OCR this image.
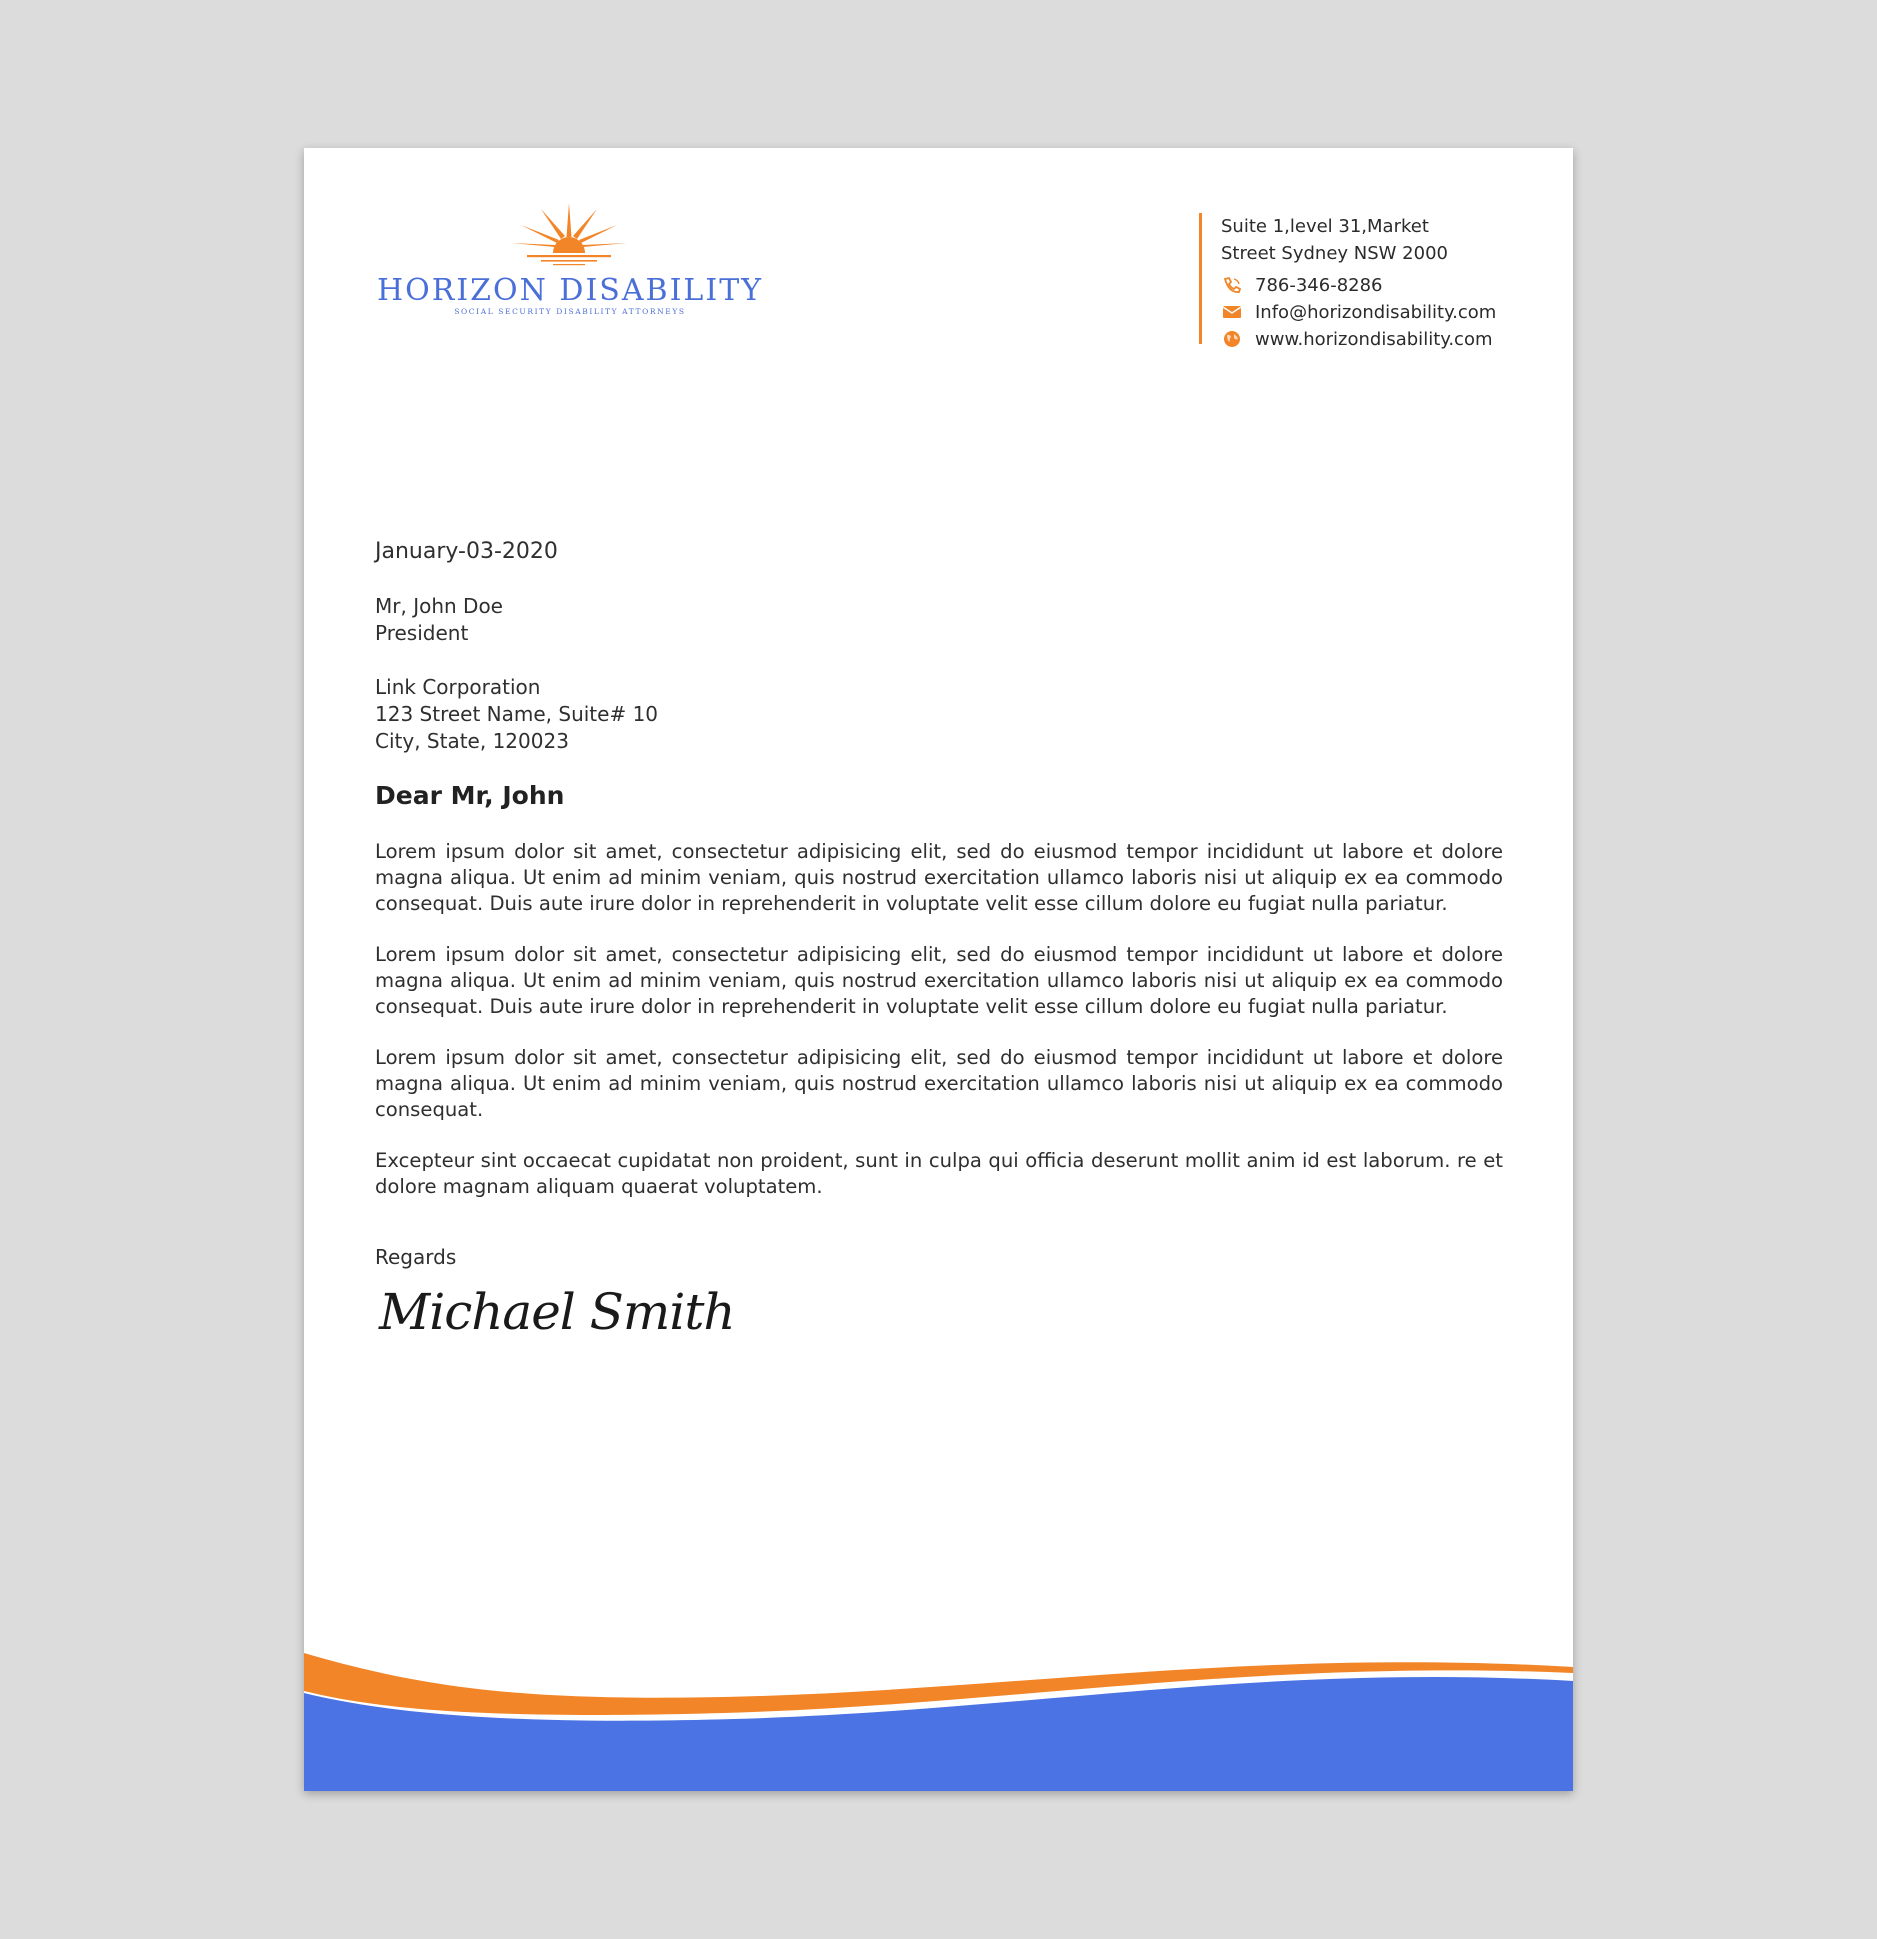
HORIZON DISABILITY
SOCIAL SECURITY DISABILITY ATTORNEYS
Suite 1,level 31,Market
Street Sydney NSW 2000
786-346-8286
Info@horizondisability.com
www.horizondisability.com
January-03-2020
Mr, John Doe
President
Link Corporation
123 Street Name, Suite# 10
City, State, 120023
Dear Mr, John

Lorem ipsum dolor sit amet, consectetur adipisicing elit, sed do eiusmod tempor incididunt ut labore et dolore magna aliqua. Ut enim ad minim veniam, quis nostrud exercitation ullamco laboris nisi ut aliquip ex ea commodo consequat. Duis aute irure dolor in reprehenderit in voluptate velit esse cillum dolore eu fugiat nulla pariatur.

Lorem ipsum dolor sit amet, consectetur adipisicing elit, sed do eiusmod tempor incididunt ut labore et dolore magna aliqua. Ut enim ad minim veniam, quis nostrud exercitation ullamco laboris nisi ut aliquip ex ea commodo consequat. Duis aute irure dolor in reprehenderit in voluptate velit esse cillum dolore eu fugiat nulla pariatur.

Lorem ipsum dolor sit amet, consectetur adipisicing elit, sed do eiusmod tempor incididunt ut labore et dolore magna aliqua. Ut enim ad minim veniam, quis nostrud exercitation ullamco laboris nisi ut aliquip ex ea commodo consequat.

Excepteur sint occaecat cupidatat non proident, sunt in culpa qui officia deserunt mollit anim id est laborum. re et dolore magnam aliquam quaerat voluptatem.

Regards
Michael Smith
